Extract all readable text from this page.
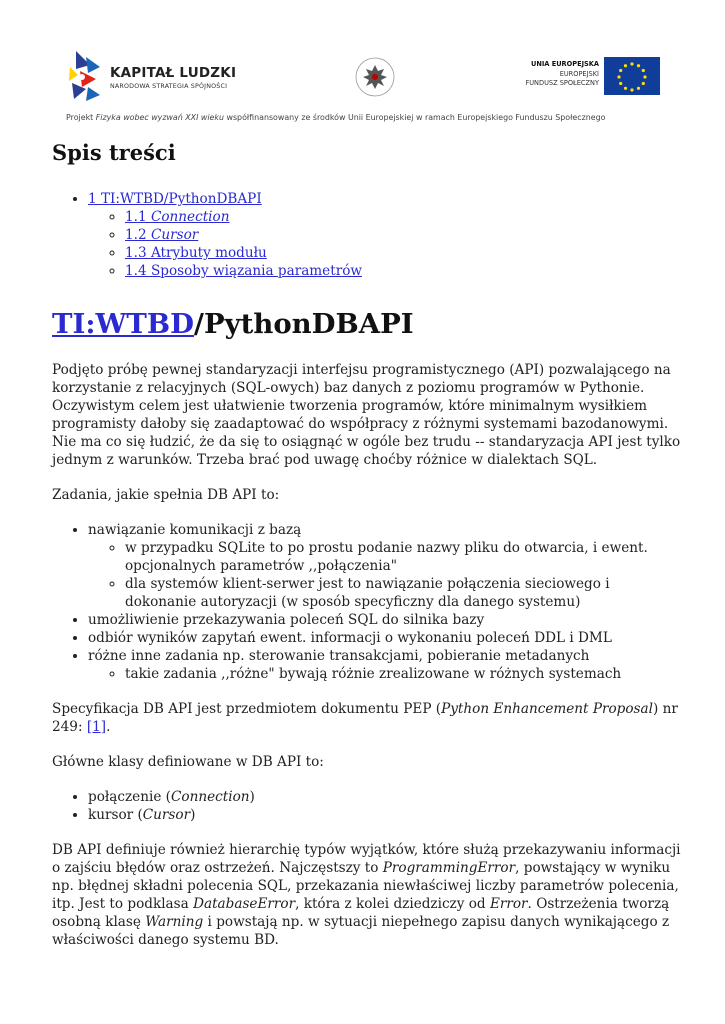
KAPITAŁ LUDZKI
NARODOWA STRATEGIA SPÓJNOŚCI
UNIA EUROPEJSKA
EUROPEJSKI
FUNDUSZ SPOŁECZNY
Projekt Fizyka wobec wyzwań XXI wieku współfinansowany ze środków Unii Europejskiej w ramach Europejskiego Funduszu Społecznego
Spis treści
• 1 TI:WTBD/PythonDBAPI
◦ 1.1 Connection
◦ 1.2 Cursor
◦ 1.3 Atrybuty modułu
◦ 1.4 Sposoby wiązania parametrów
TI:WTBD/PythonDBAPI

Podjęto próbę pewnej standaryzacji interfejsu programistycznego (API) pozwalającego na korzystanie z relacyjnych (SQL-owych) baz danych z poziomu programów w Pythonie. Oczywistym celem jest ułatwienie tworzenia programów, które minimalnym wysiłkiem programisty dałoby się zaadaptować do współpracy z różnymi systemami bazodanowymi. Nie ma co się łudzić, że da się to osiągnąć w ogóle bez trudu -- standaryzacja API jest tylko jednym z warunków. Trzeba brać pod uwagę choćby różnice w dialektach SQL.

Zadania, jakie spełnia DB API to:

• nawiązanie komunikacji z bazą
◦ w przypadku SQLite to po prostu podanie nazwy pliku do otwarcia, i ewent. opcjonalnych parametrów ,,połączenia"
◦ dla systemów klient-serwer jest to nawiązanie połączenia sieciowego i dokonanie autoryzacji (w sposób specyficzny dla danego systemu)
• umożliwienie przekazywania poleceń SQL do silnika bazy
• odbiór wyników zapytań ewent. informacji o wykonaniu poleceń DDL i DML
• różne inne zadania np. sterowanie transakcjami, pobieranie metadanych
◦ takie zadania ,,różne" bywają różnie zrealizowane w różnych systemach

Specyfikacja DB API jest przedmiotem dokumentu PEP (Python Enhancement Proposal) nr 249: [1].

Główne klasy definiowane w DB API to:

• połączenie (Connection)
• kursor (Cursor)

DB API definiuje również hierarchię typów wyjątków, które służą przekazywaniu informacji o zajściu błędów oraz ostrzeżeń. Najczęstszy to ProgrammingError, powstający w wyniku np. błędnej składni polecenia SQL, przekazania niewłaściwej liczby parametrów polecenia, itp. Jest to podklasa DatabaseError, która z kolei dziedziczy od Error. Ostrzeżenia tworzą osobną klasę Warning i powstają np. w sytuacji niepełnego zapisu danych wynikającego z właściwości danego systemu BD.
